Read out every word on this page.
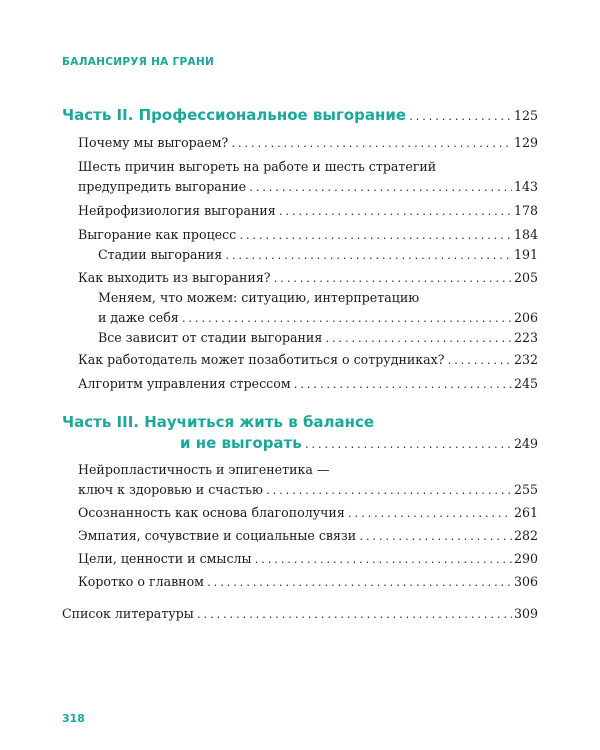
БАЛАНСИРУЯ НА ГРАНИ
Часть II. Профессиональное выгорание .....	125
Почему мы выгораем? .....	129
Шесть причин выгореть на работе и шесть стратегий
предупредить выгорание .....	143
Нейрофизиология выгорания .....	178
Выгорание как процесс .....	184
Стадии выгорания .....	191
Как выходить из выгорания? .....	205
Меняем, что можем: ситуацию, интерпретацию
и даже себя .....	206
Все зависит от стадии выгорания .....	223
Как работодатель может позаботиться о сотрудниках? .....	232
Алгоритм управления стрессом .....	245
Часть III. Научиться жить в балансе
и не выгорать .....	249
Нейропластичность и эпигенетика —
ключ к здоровью и счастью .....	255
Осознанность как основа благополучия .....	261
Эмпатия, сочувствие и социальные связи .....	282
Цели, ценности и смыслы .....	290
Коротко о главном .....	306
Список литературы .....	309
318
